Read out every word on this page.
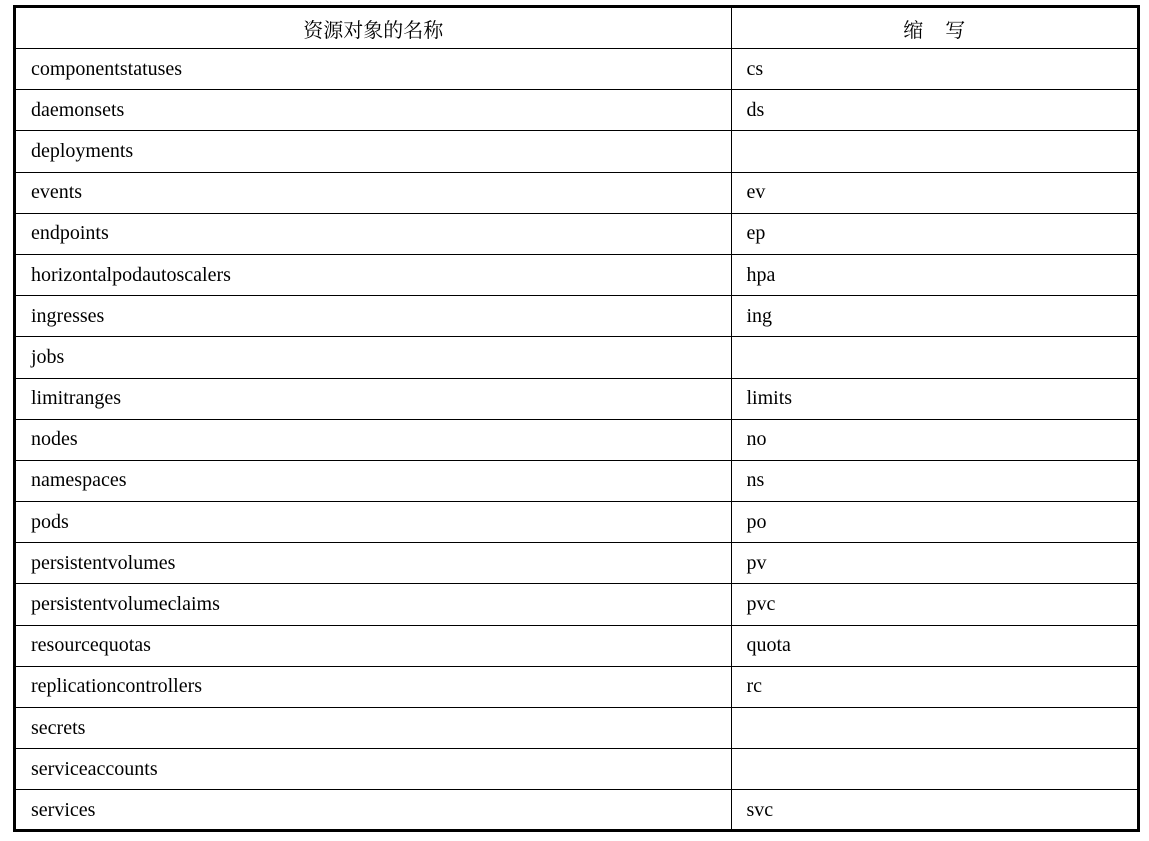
资源对象的名称	缩写
componentstatuses	cs
daemonsets	ds
deployments	
events	ev
endpoints	ep
horizontalpodautoscalers	hpa
ingresses	ing
jobs	
limitranges	limits
nodes	no
namespaces	ns
pods	po
persistentvolumes	pv
persistentvolumeclaims	pvc
resourcequotas	quota
replicationcontrollers	rc
secrets	
serviceaccounts	
services	svc
